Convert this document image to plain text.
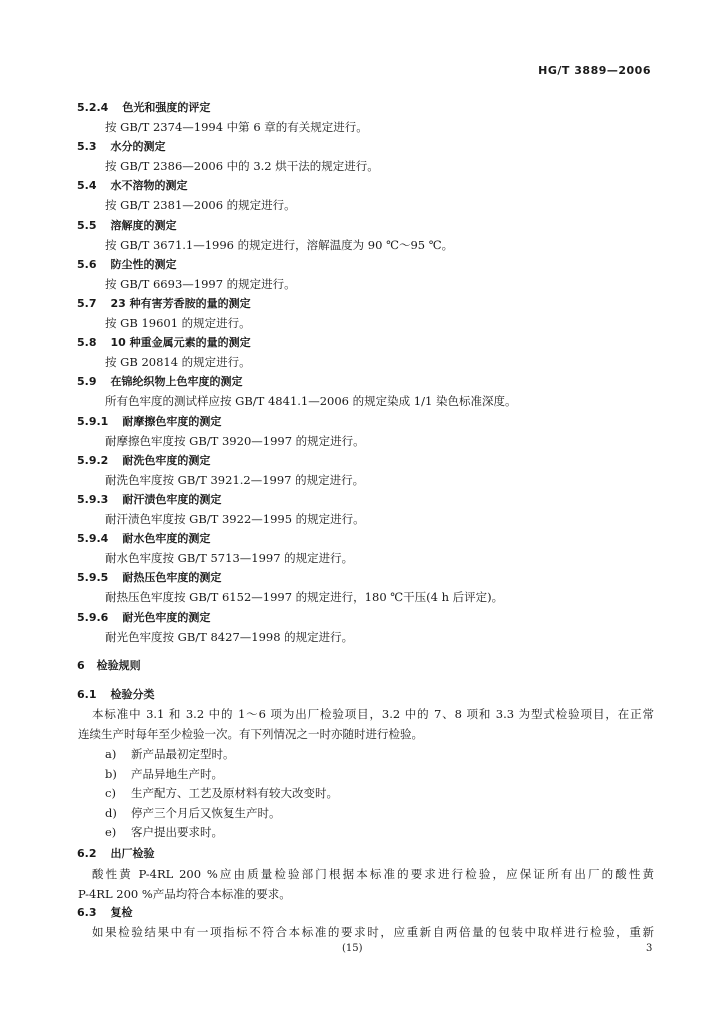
HG/T 3889—2006
5.2.4 色光和强度的评定
按 GB/T 2374—1994 中第 6 章的有关规定进行。
5.3 水分的测定
按 GB/T 2386—2006 中的 3.2 烘干法的规定进行。
5.4 水不溶物的测定
按 GB/T 2381—2006 的规定进行。
5.5 溶解度的测定
按 GB/T 3671.1—1996 的规定进行，溶解温度为 90 ℃～95 ℃。
5.6 防尘性的测定
按 GB/T 6693—1997 的规定进行。
5.7 23 种有害芳香胺的量的测定
按 GB 19601 的规定进行。
5.8 10 种重金属元素的量的测定
按 GB 20814 的规定进行。
5.9 在锦纶织物上色牢度的测定
所有色牢度的测试样应按 GB/T 4841.1—2006 的规定染成 1/1 染色标准深度。
5.9.1 耐摩擦色牢度的测定
耐摩擦色牢度按 GB/T 3920—1997 的规定进行。
5.9.2 耐洗色牢度的测定
耐洗色牢度按 GB/T 3921.2—1997 的规定进行。
5.9.3 耐汗渍色牢度的测定
耐汗渍色牢度按 GB/T 3922—1995 的规定进行。
5.9.4 耐水色牢度的测定
耐水色牢度按 GB/T 5713—1997 的规定进行。
5.9.5 耐热压色牢度的测定
耐热压色牢度按 GB/T 6152—1997 的规定进行，180 ℃干压(4 h 后评定)。
5.9.6 耐光色牢度的测定
耐光色牢度按 GB/T 8427—1998 的规定进行。
6 检验规则
6.1 检验分类
本标准中 3.1 和 3.2 中的 1～6 项为出厂检验项目，3.2 中的 7、8 项和 3.3 为型式检验项目，在正常
连续生产时每年至少检验一次。有下列情况之一时亦随时进行检验。
a) 新产品最初定型时。
b) 产品异地生产时。
c) 生产配方、工艺及原材料有较大改变时。
d) 停产三个月后又恢复生产时。
e) 客户提出要求时。
6.2 出厂检验
酸性黄 P-4RL 200 %应由质量检验部门根据本标准的要求进行检验，应保证所有出厂的酸性黄
P-4RL 200 %产品均符合本标准的要求。
6.3 复检
如果检验结果中有一项指标不符合本标准的要求时，应重新自两倍量的包装中取样进行检验，重新
(15)	3
